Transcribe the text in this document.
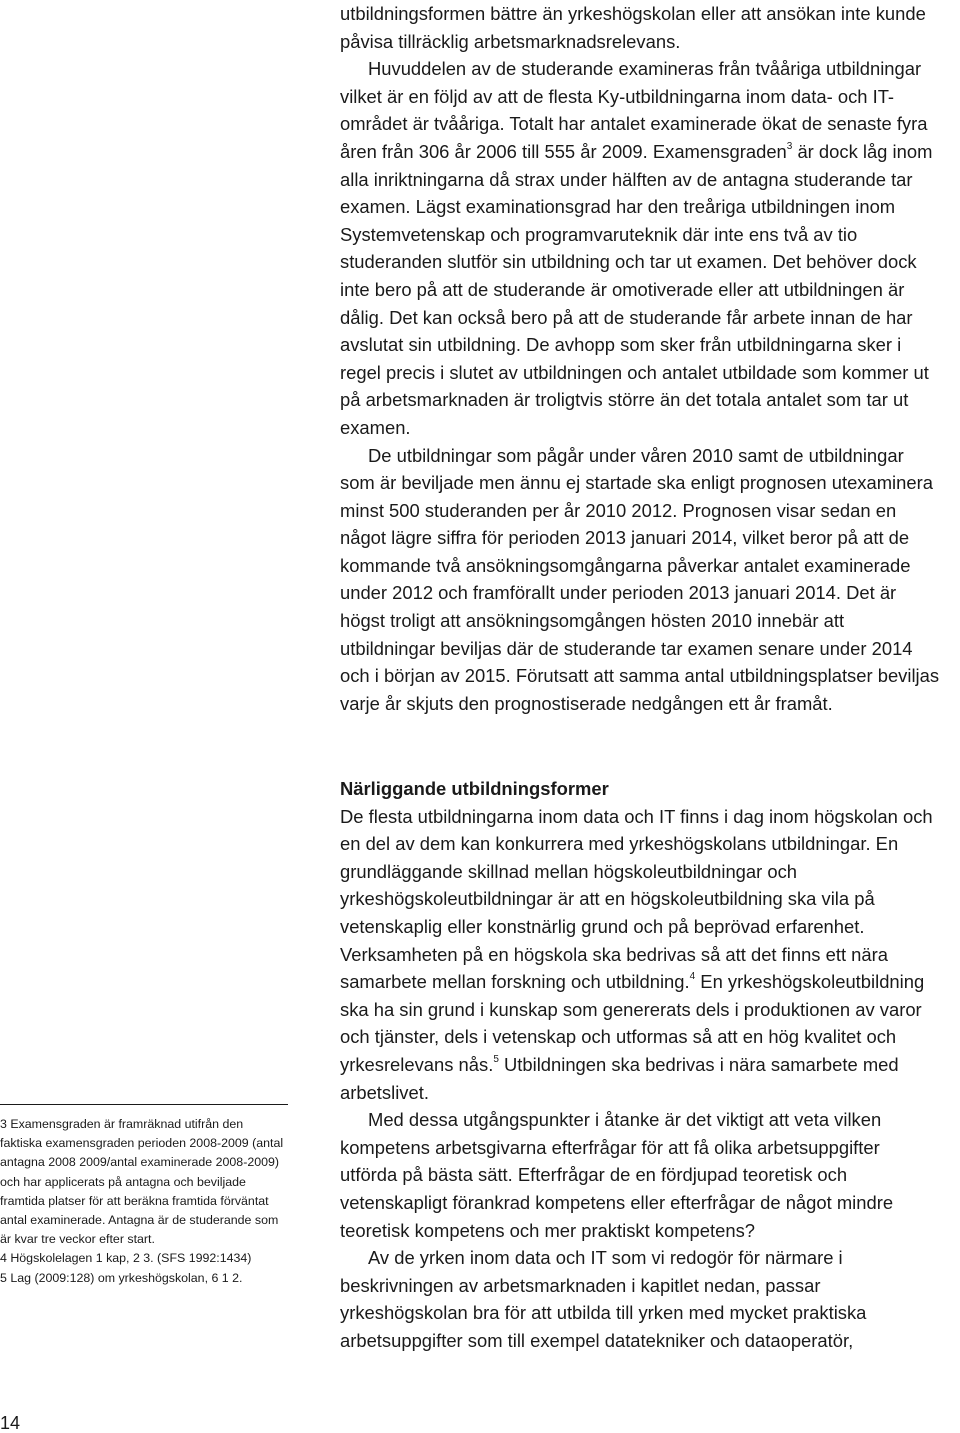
utbildningsformen bättre än yrkeshögskolan eller att ansökan inte kunde påvisa tillräcklig arbetsmarknadsrelevans.

Huvuddelen av de studerande examineras från tvååriga utbildningar vilket är en följd av att de flesta Ky-utbildningarna inom data- och IT-området är tvååriga. Totalt har antalet examinerade ökat de senaste fyra åren från 306 år 2006 till 555 år 2009. Examensgraden$^3$ är dock låg inom alla inriktningarna då strax under hälften av de antagna studerande tar examen. Lägst examinationsgrad har den treåriga utbildningen inom Systemvetenskap och programvaruteknik där inte ens två av tio studeranden slutför sin utbildning och tar ut examen. Det behöver dock inte bero på att de studerande är omotiverade eller att utbildningen är dålig. Det kan också bero på att de studerande får arbete innan de har avslutat sin utbildning. De avhopp som sker från utbildningarna sker i regel precis i slutet av utbildningen och antalet utbildade som kommer ut på arbetsmarknaden är troligtvis större än det totala antalet som tar ut examen.

De utbildningar som pågår under våren 2010 samt de utbildningar som är beviljade men ännu ej startade ska enligt prognosen utexaminera minst 500 studeranden per år 2010 2012. Prognosen visar sedan en något lägre siffra för perioden 2013 januari 2014, vilket beror på att de kommande två ansökningsomgångarna påverkar antalet examinerade under 2012 och framförallt under perioden 2013 januari 2014. Det är högst troligt att ansökningsomgången hösten 2010 innebär att utbildningar beviljas där de studerande tar examen senare under 2014 och i början av 2015. Förutsatt att samma antal utbildningsplatser beviljas varje år skjuts den prognostiserade nedgången ett år framåt.

Närliggande utbildningsformer

De flesta utbildningarna inom data och IT finns i dag inom högskolan och en del av dem kan konkurrera med yrkeshögskolans utbildningar. En grundläggande skillnad mellan högskoleutbildningar och yrkeshögskoleutbildningar är att en högskoleutbildning ska vila på vetenskaplig eller konstnärlig grund och på beprövad erfarenhet. Verksamheten på en högskola ska bedrivas så att det finns ett nära samarbete mellan forskning och utbildning.$^4$ En yrkeshögskoleutbildning ska ha sin grund i kunskap som genererats dels i produktionen av varor och tjänster, dels i vetenskap och utformas så att en hög kvalitet och yrkesrelevans nås.$^5$ Utbildningen ska bedrivas i nära samarbete med arbetslivet.

Med dessa utgångspunkter i åtanke är det viktigt att veta vilken kompetens arbetsgivarna efterfrågar för att få olika arbetsuppgifter utförda på bästa sätt. Efterfrågar de en fördjupad teoretisk och vetenskapligt förankrad kompetens eller efterfrågar de något mindre teoretisk kompetens och mer praktiskt kompetens?

Av de yrken inom data och IT som vi redogör för närmare i beskrivningen av arbetsmarknaden i kapitlet nedan, passar yrkeshögskolan bra för att utbilda till yrken med mycket praktiska arbetsuppgifter som till exempel datatekniker och dataoperatör,

3 Examensgraden är framräknad utifrån den faktiska examensgraden perioden 2008-2009 (antal antagna 2008 2009/antal examinerade 2008-2009) och har applicerats på antagna och beviljade framtida platser för att beräkna framtida förväntat antal examinerade. Antagna är de studerande som är kvar tre veckor efter start.

4 Högskolelagen 1 kap, 2 3. (SFS 1992:1434)

5 Lag (2009:128) om yrkeshögskolan, 6 1 2.

14
